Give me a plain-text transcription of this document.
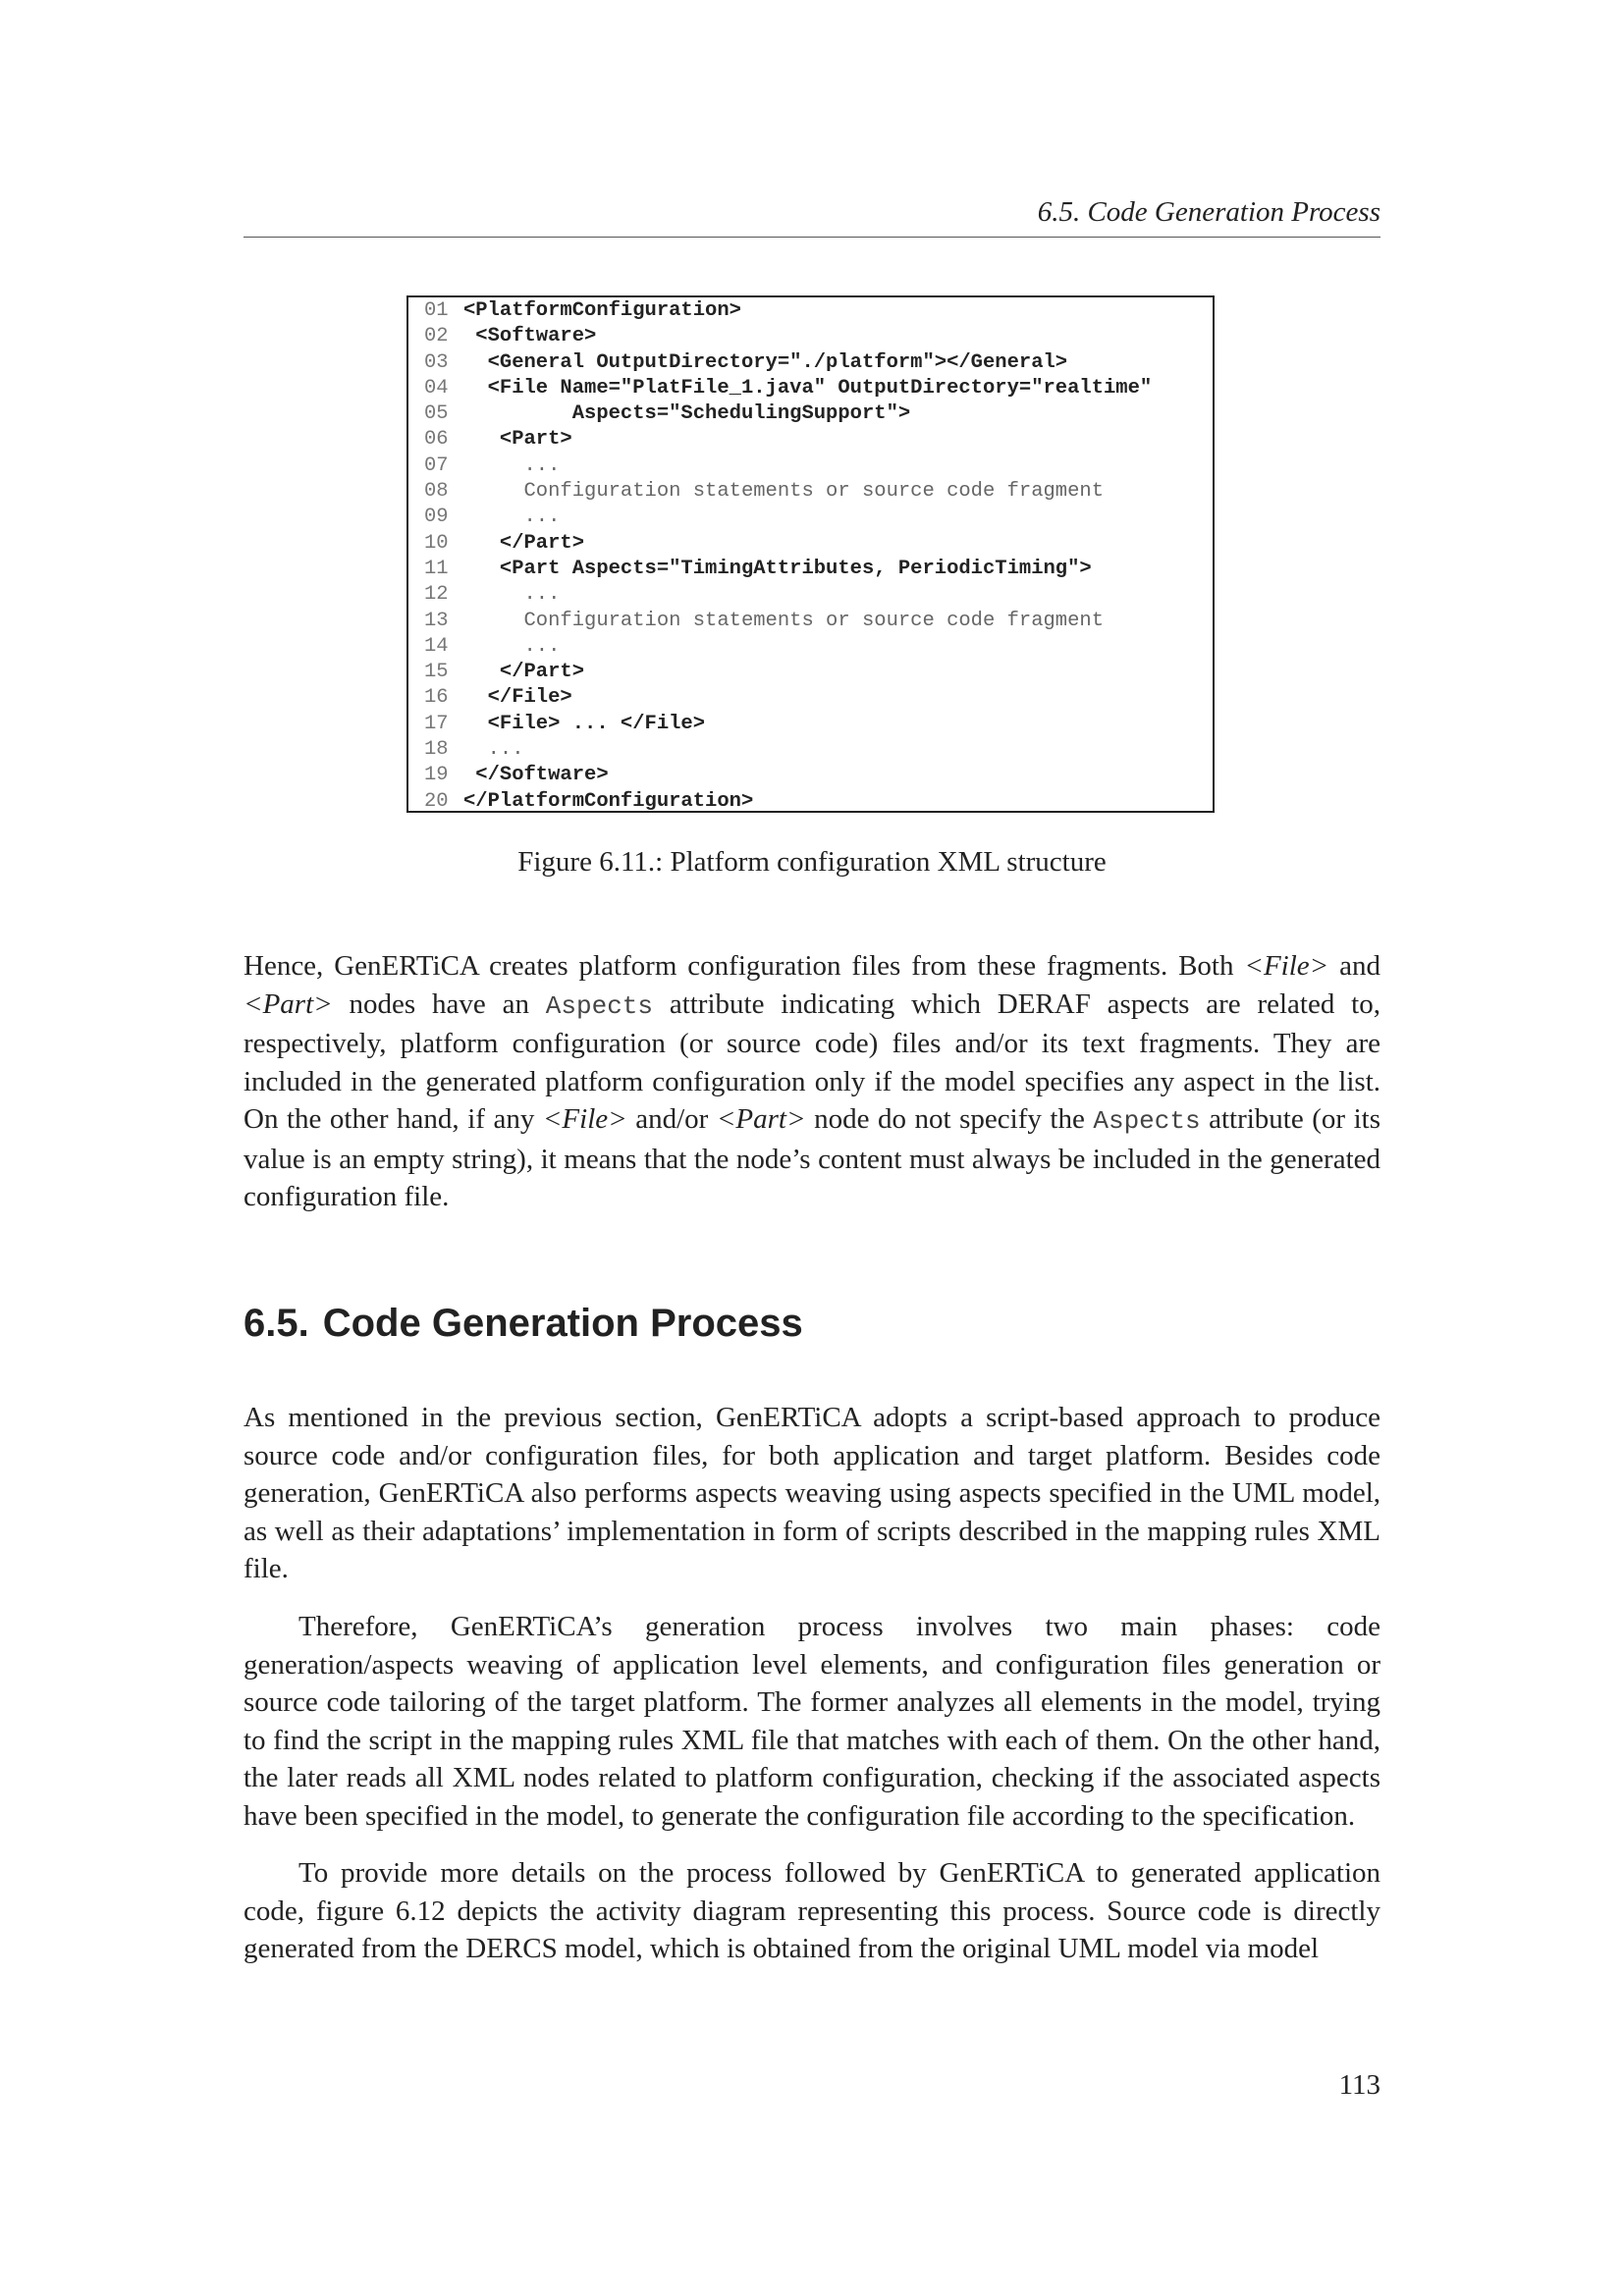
6.5. Code Generation Process
01 <PlatformConfiguration>
02 <Software>
03  <General OutputDirectory="./platform"></General>
04  <File Name="PlatFile_1.java" OutputDirectory="realtime"
05         Aspects="SchedulingSupport">
06   <Part>
07     ...
08     Configuration statements or source code fragment
09     ...
10   </Part>
11   <Part Aspects="TimingAttributes, PeriodicTiming">
12     ...
13     Configuration statements or source code fragment
14     ...
15   </Part>
16  </File>
17  <File> ... </File>
18  ...
19 </Software>
20 </PlatformConfiguration>
Figure 6.11.: Platform configuration XML structure

Hence, GenERTiCA creates platform configuration files from these fragments. Both <File> and <Part> nodes have an Aspects attribute indicating which DERAF aspects are related to, respectively, platform configuration (or source code) files and/or its text fragments. They are included in the generated platform configuration only if the model specifies any aspect in the list. On the other hand, if any <File> and/or <Part> node do not specify the Aspects attribute (or its value is an empty string), it means that the node’s content must always be included in the generated configuration file.

6.5. Code Generation Process

As mentioned in the previous section, GenERTiCA adopts a script-based approach to produce source code and/or configuration files, for both application and target platform. Besides code generation, GenERTiCA also performs aspects weaving using aspects specified in the UML model, as well as their adaptations’ implementation in form of scripts described in the mapping rules XML file.

Therefore, GenERTiCA’s generation process involves two main phases: code generation/aspects weaving of application level elements, and configuration files generation or source code tailoring of the target platform. The former analyzes all elements in the model, trying to find the script in the mapping rules XML file that matches with each of them. On the other hand, the later reads all XML nodes related to platform configuration, checking if the associated aspects have been specified in the model, to generate the configuration file according to the specification.

To provide more details on the process followed by GenERTiCA to generated application code, figure 6.12 depicts the activity diagram representing this process. Source code is directly generated from the DERCS model, which is obtained from the original UML model via model

113
